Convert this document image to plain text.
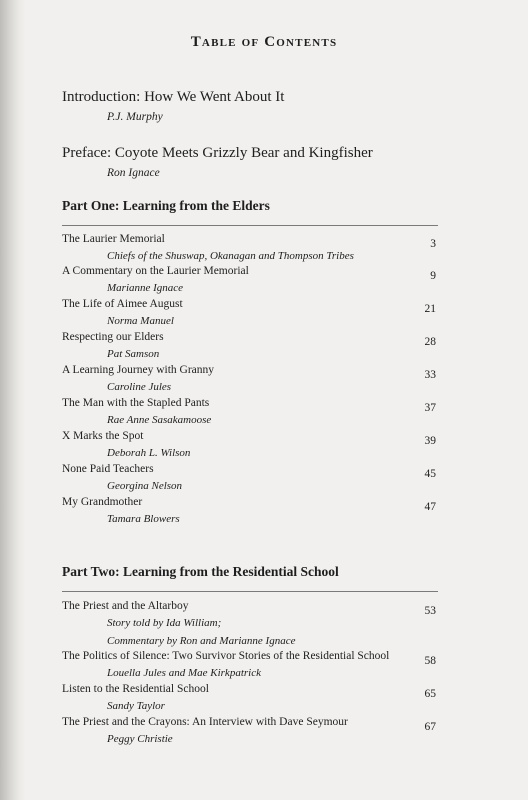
Table of Contents
Introduction: How We Went About It
P.J. Murphy
Preface: Coyote Meets Grizzly Bear and Kingfisher
Ron Ignace
Part One: Learning from the Elders
The Laurier Memorial
Chiefs of the Shuswap, Okanagan and Thompson Tribes
3
A Commentary on the Laurier Memorial
Marianne Ignace
9
The Life of Aimee August
Norma Manuel
21
Respecting our Elders
Pat Samson
28
A Learning Journey with Granny
Caroline Jules
33
The Man with the Stapled Pants
Rae Anne Sasakamoose
37
X Marks the Spot
Deborah L. Wilson
39
None Paid Teachers
Georgina Nelson
45
My Grandmother
Tamara Blowers
47
Part Two: Learning from the Residential School
The Priest and the Altarboy
Story told by Ida William;
Commentary by Ron and Marianne Ignace
53
The Politics of Silence: Two Survivor Stories of the Residential School
Louella Jules and Mae Kirkpatrick
58
Listen to the Residential School
Sandy Taylor
65
The Priest and the Crayons: An Interview with Dave Seymour
Peggy Christie
67
